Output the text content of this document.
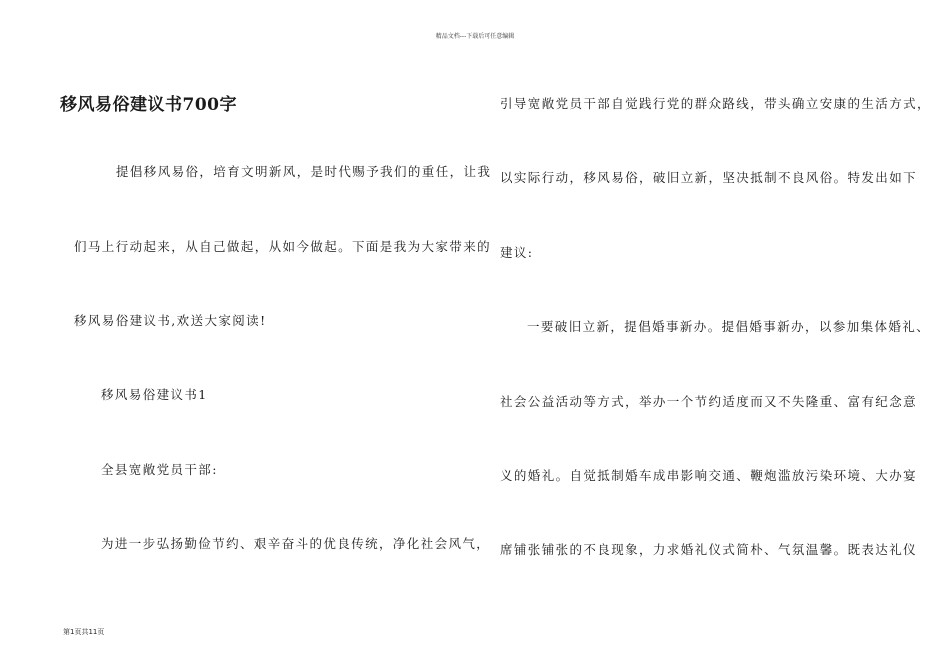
精品文档---下载后可任意编辑
移风易俗建议书700字
提倡移风易俗，培育文明新风，是时代赐予我们的重任，让我
们马上行动起来，从自己做起，从如今做起。下面是我为大家带来的
移风易俗建议书,欢送大家阅读!
移风易俗建议书1
全县宽敞党员干部:
为进一步弘扬勤俭节约、艰辛奋斗的优良传统，净化社会风气，
引导宽敞党员干部自觉践行党的群众路线，带头确立安康的生活方式，
以实际行动，移风易俗，破旧立新，坚决抵制不良风俗。特发出如下
建议:
一要破旧立新，提倡婚事新办。提倡婚事新办，以参加集体婚礼、
社会公益活动等方式，举办一个节约适度而又不失隆重、富有纪念意
义的婚礼。自觉抵制婚车成串影响交通、鞭炮滥放污染环境、大办宴
席铺张铺张的不良现象，力求婚礼仪式简朴、气氛温馨。既表达礼仪
第1页共11页
